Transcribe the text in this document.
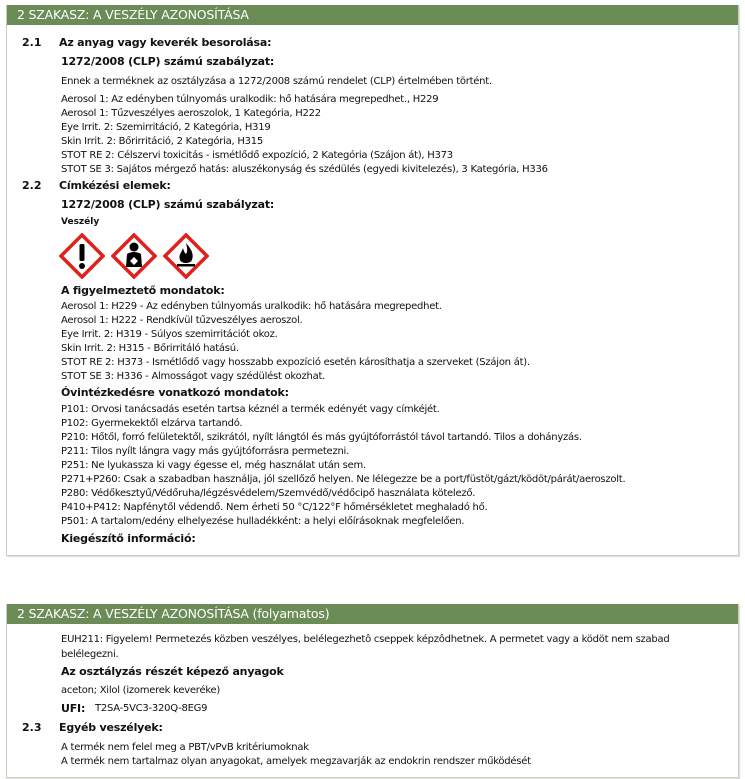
2 SZAKASZ: A VESZÉLY AZONOSÍTÁSA
2.1 Az anyag vagy keverék besorolása:
1272/2008 (CLP) számú szabályzat:
Ennek a terméknek az osztályzása a 1272/2008 számú rendelet (CLP) értelmében történt.
Aerosol 1: Az edényben túlnyomás uralkodik: hő hatására megrepedhet., H229
Aerosol 1: Tűzveszélyes aeroszolok, 1 Kategória, H222
Eye Irrit. 2: Szemirritáció, 2 Kategória, H319
Skin Irrit. 2: Bőrirritáció, 2 Kategória, H315
STOT RE 2: Célszervi toxicitás - ismétlődő expozíció, 2 Kategória (Szájon át), H373
STOT SE 3: Sajátos mérgező hatás: aluszékonyság és szédülés (egyedi kivitelezés), 3 Kategória, H336
2.2 Címkézési elemek:
1272/2008 (CLP) számú szabályzat:
Veszély
A figyelmeztető mondatok:
Aerosol 1: H229 - Az edényben túlnyomás uralkodik: hő hatására megrepedhet.
Aerosol 1: H222 - Rendkívül tűzveszélyes aeroszol.
Eye Irrit. 2: H319 - Súlyos szemirritációt okoz.
Skin Irrit. 2: H315 - Bőrirritáló hatású.
STOT RE 2: H373 - Ismétlődő vagy hosszabb expozíció esetén károsíthatja a szerveket (Szájon át).
STOT SE 3: H336 - Almosságot vagy szédülést okozhat.
Óvintézkedésre vonatkozó mondatok:
P101: Orvosi tanácsadás esetén tartsa kéznél a termék edényét vagy címkéjét.
P102: Gyermekektől elzárva tartandó.
P210: Hőtől, forró felületektől, szikrától, nyílt lángtól és más gyújtóforrástól távol tartandó. Tilos a dohányzás.
P211: Tilos nyílt lángra vagy más gyújtóforrásra permetezni.
P251: Ne lyukassza ki vagy égesse el, még használat után sem.
P271+P260: Csak a szabadban használja, jól szellőző helyen. Ne lélegezze be a port/füstöt/gázt/ködöt/párát/aeroszolt.
P280: Védőkesztyű/Védőruha/légzésvédelem/Szemvédő/védőcipő használata kötelező.
P410+P412: Napfénytől védendő. Nem érheti 50 °C/122°F hőmérsékletet meghaladó hő.
P501: A tartalom/edény elhelyezése hulladékként: a helyi előírásoknak megfelelően.
Kiegészítő információ:
2 SZAKASZ: A VESZÉLY AZONOSÍTÁSA (folyamatos)
EUH211: Figyelem! Permetezés közben veszélyes, belélegezhetô cseppek képzôdhetnek. A permetet vagy a ködöt nem szabad
belélegezni.
Az osztályzás részét képező anyagok
aceton; Xilol (izomerek keveréke)
UFI: T2SA-5VC3-320Q-8EG9
2.3 Egyéb veszélyek:
A termék nem felel meg a PBT/vPvB kritériumoknak
A termék nem tartalmaz olyan anyagokat, amelyek megzavarják az endokrin rendszer működését
